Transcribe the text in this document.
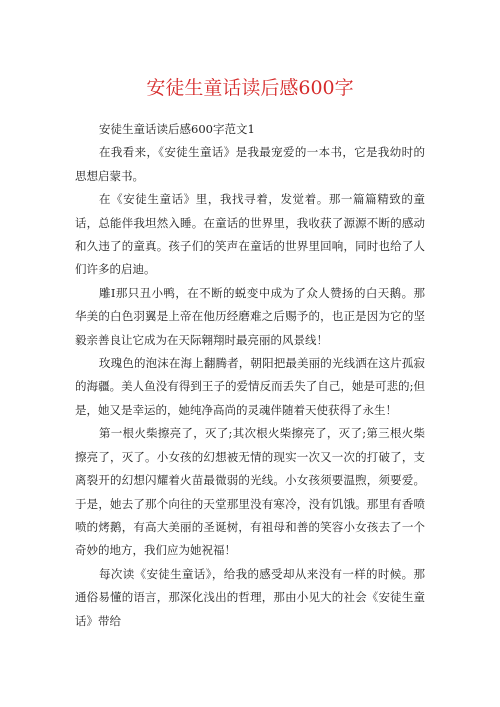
安徒生童话读后感600字

安徒生童话读后感600字范文1

在我看来，《安徒生童话》是我最宠爱的一本书，它是我幼时的思想启蒙书。

在《安徒生童话》里，我找寻着，发觉着。那一篇篇精致的童话，总能伴我坦然入睡。在童话的世界里，我收获了源源不断的感动和久违了的童真。孩子们的笑声在童话的世界里回响，同时也给了人们许多的启迪。

雕I那只丑小鸭，在不断的蜕变中成为了众人赞扬的白天鹅。那华美的白色羽翼是上帝在他历经磨难之后赐予的，也正是因为它的坚毅亲善良让它成为在天际翱翔时最亮丽的风景线！

玫瑰色的泡沫在海上翻腾者，朝阳把最美丽的光线洒在这片孤寂的海疆。美人鱼没有得到王子的爱情反而丢失了自己，她是可悲的;但是，她又是幸运的，她纯净高尚的灵魂伴随着天使获得了永生！

第一根火柴擦亮了，灭了;其次根火柴擦亮了，灭了;第三根火柴擦亮了，灭了。小女孩的幻想被无情的现实一次又一次的打破了，支离裂开的幻想闪耀着火苗最微弱的光线。小女孩须要温煦，须要爱。于是，她去了那个向往的天堂那里没有寒冷，没有饥饿。那里有香喷喷的烤鹅，有高大美丽的圣诞树，有祖母和善的笑容小女孩去了一个奇妙的地方，我们应为她祝福！

每次读《安徒生童话》，给我的感受却从来没有一样的时候。那通俗易懂的语言，那深化浅出的哲理，那由小见大的社会《安徒生童话》带给
